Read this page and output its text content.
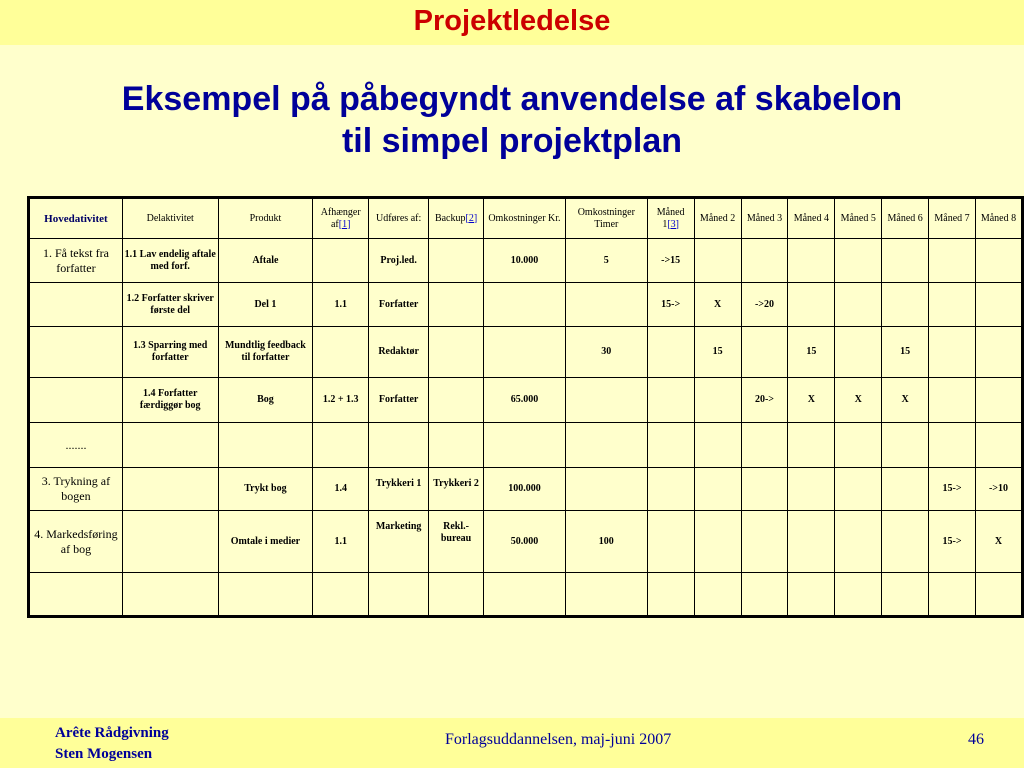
Projektledelse
Eksempel på påbegyndt anvendelse af skabelon
til simpel projektplan
Hovedativitet	Delaktivitet	Produkt	Afhænger af[1]	Udføres af:	Backup[2]	Omkostninger Kr.	Omkostninger Timer	Måned 1[3]	Måned 2	Måned 3	Måned 4	Måned 5	Måned 6	Måned 7	Måned 8
1. Få tekst fra forfatter	1.1 Lav endelig aftale med forf.	Aftale		Proj.led.		10.000	5	->15							
	1.2 Forfatter skriver første del	Del 1	1.1	Forfatter				15->	X	->20					
	1.3 Sparring med forfatter	Mundtlig feedback til forfatter		Redaktør			30		15		15		15		
	1.4 Forfatter færdiggør bog	Bog	1.2 + 1.3	Forfatter		65.000				20->	X	X	X		
.......															
3. Trykning af bogen		Trykt bog	1.4	Trykkeri 1	Trykkeri 2	100.000								15->	->10
4. Markedsføring af bog		Omtale i medier	1.1	Marketing	Rekl.-bureau	50.000	100							15->	X

Arête Rådgivning
Sten Mogensen
Forlagsuddannelsen, maj-juni 2007	46
